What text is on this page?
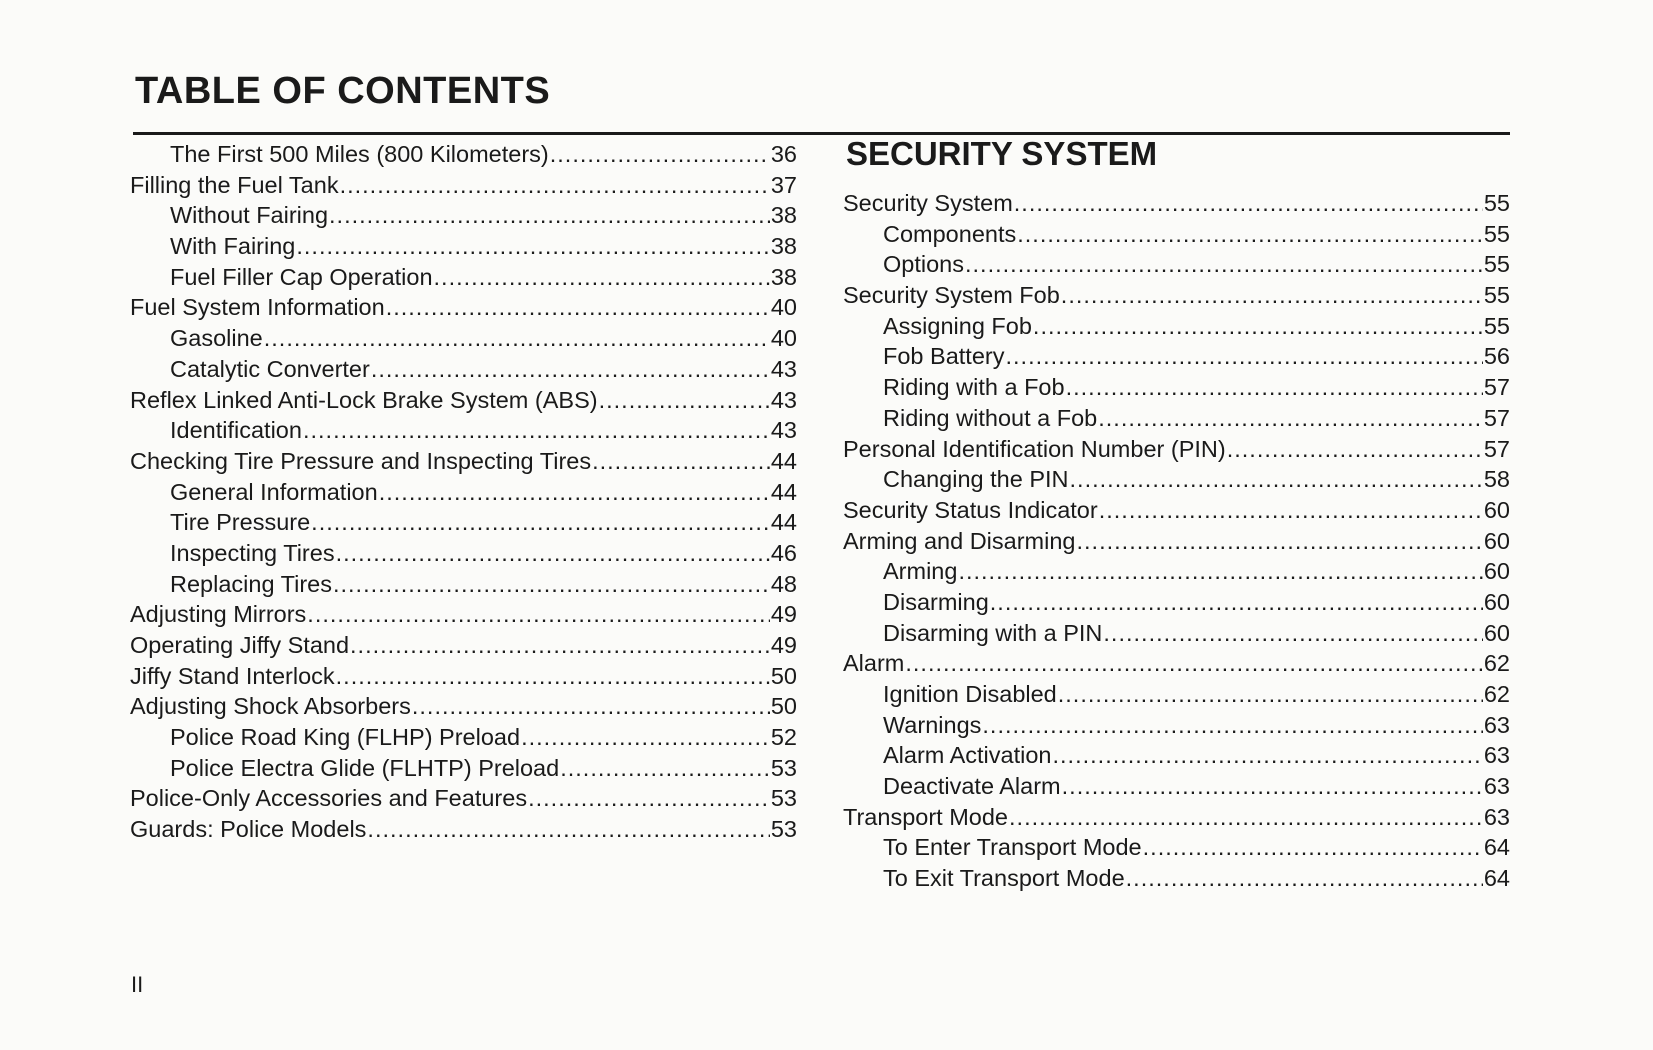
TABLE OF CONTENTS
The First 500 Miles (800 Kilometers) .....	36
Filling the Fuel Tank .....	37
Without Fairing .....	38
With Fairing .....	38
Fuel Filler Cap Operation .....	38
Fuel System Information .....	40
Gasoline .....	40
Catalytic Converter .....	43
Reflex Linked Anti-Lock Brake System (ABS) .....	43
Identification .....	43
Checking Tire Pressure and Inspecting Tires .....	44
General Information .....	44
Tire Pressure .....	44
Inspecting Tires .....	46
Replacing Tires .....	48
Adjusting Mirrors .....	49
Operating Jiffy Stand .....	49
Jiffy Stand Interlock .....	50
Adjusting Shock Absorbers .....	50
Police Road King (FLHP) Preload .....	52
Police Electra Glide (FLHTP) Preload .....	53
Police-Only Accessories and Features .....	53
Guards: Police Models .....	53
SECURITY SYSTEM
Security System .....	55
Components .....	55
Options .....	55
Security System Fob .....	55
Assigning Fob .....	55
Fob Battery .....	56
Riding with a Fob .....	57
Riding without a Fob .....	57
Personal Identification Number (PIN) .....	57
Changing the PIN .....	58
Security Status Indicator .....	60
Arming and Disarming .....	60
Arming .....	60
Disarming .....	60
Disarming with a PIN .....	60
Alarm .....	62
Ignition Disabled .....	62
Warnings .....	63
Alarm Activation .....	63
Deactivate Alarm .....	63
Transport Mode .....	63
To Enter Transport Mode .....	64
To Exit Transport Mode .....	64
II
